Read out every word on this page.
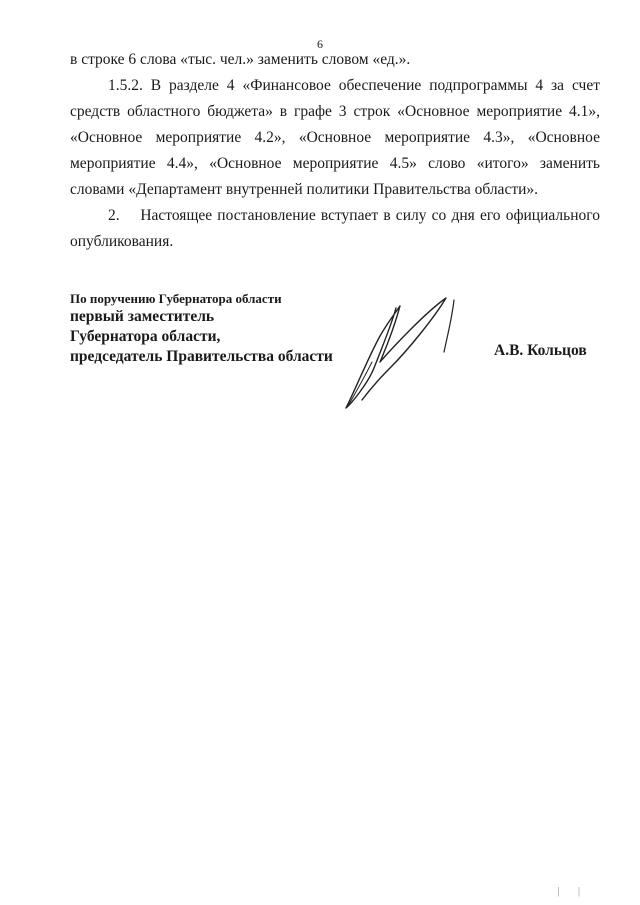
6

в строке 6 слова «тыс. чел.» заменить словом «ед.».

1.5.2. В разделе 4 «Финансовое обеспечение подпрограммы 4 за счет средств областного бюджета» в графе 3 строк «Основное мероприятие 4.1», «Основное мероприятие 4.2», «Основное мероприятие 4.3», «Основное мероприятие 4.4», «Основное мероприятие 4.5» слово «итого» заменить словами «Департамент внутренней политики Правительства области».

2.    Настоящее постановление вступает в силу со дня его официального опубликования.

По поручению Губернатора области
первый заместитель
Губернатора области,
председатель Правительства области	А.В. Кольцов
| |
